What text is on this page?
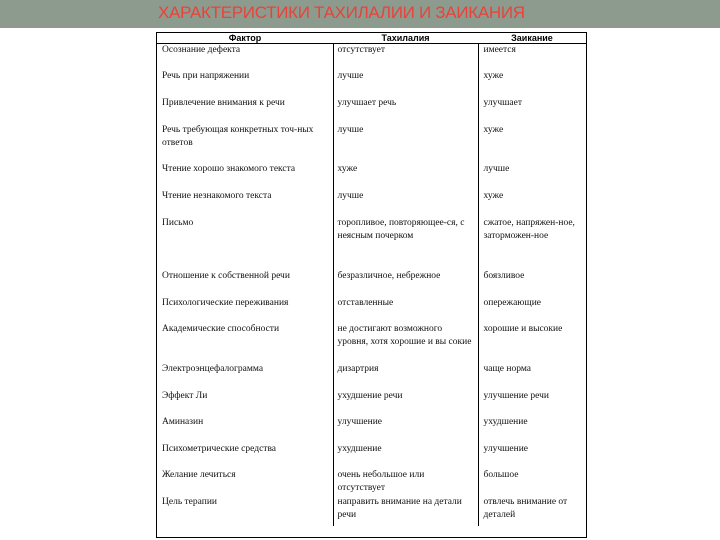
ХАРАКТЕРИСТИКИ ТАХИЛАЛИИ И ЗАИКАНИЯ
Фактор	Тахилалия	Заикание
Осознание дефекта	отсутствует	имеется
Речь при напряжении	лучше	хуже
Привлечение внимания к речи	улучшает речь	улучшает
Речь требующая конкретных точ-ных ответов	лучше	хуже
Чтение хорошо знакомого текста	хуже	лучше
Чтение незнакомого текста	лучше	хуже
Письмо	торопливое, повторяющее-ся, с неясным почерком	сжатое, напряжен-ное, заторможен-ное
Отношение к собственной речи	безразличное, небрежное	боязливое
Психологические переживания	отставленные	опережающие
Академические способности	не достигают возможного уровня, хотя хорошие и вы сокие	хорошие и высокие
Электроэнцефалограмма	дизартрия	чаще норма
Эффект Ли	ухудшение речи	улучшение речи
Аминазин	улучшение	ухудшение
Психометрические средства	ухудшение	улучшение
Желание лечиться	очень небольшое или отсутствует	большое
Цель терапии	направить внимание на детали речи	отвлечь внимание от деталей
